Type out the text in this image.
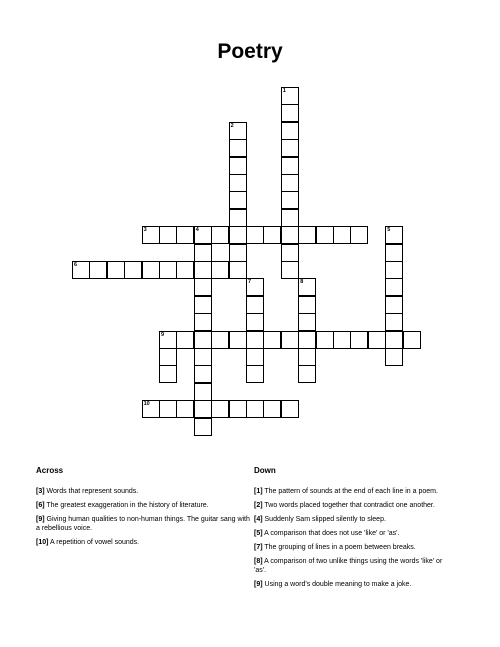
Poetry
1
2
3	4	5
6
7	8
9
10
Across
[3] Words that represent sounds.
[6] The greatest exaggeration in the history of literature.
[9] Giving human qualities to non-human things. The guitar sang with a rebellious voice.
[10] A repetition of vowel sounds.
Down
[1] The pattern of sounds at the end of each line in a poem.
[2] Two words placed together that contradict one another.
[4] Suddenly Sam slipped silently to sleep.
[5] A comparison that does not use 'like' or 'as'.
[7] The grouping of lines in a poem between breaks.
[8] A comparison of two unlike things using the words 'like' or 'as'.
[9] Using a word's double meaning to make a joke.
